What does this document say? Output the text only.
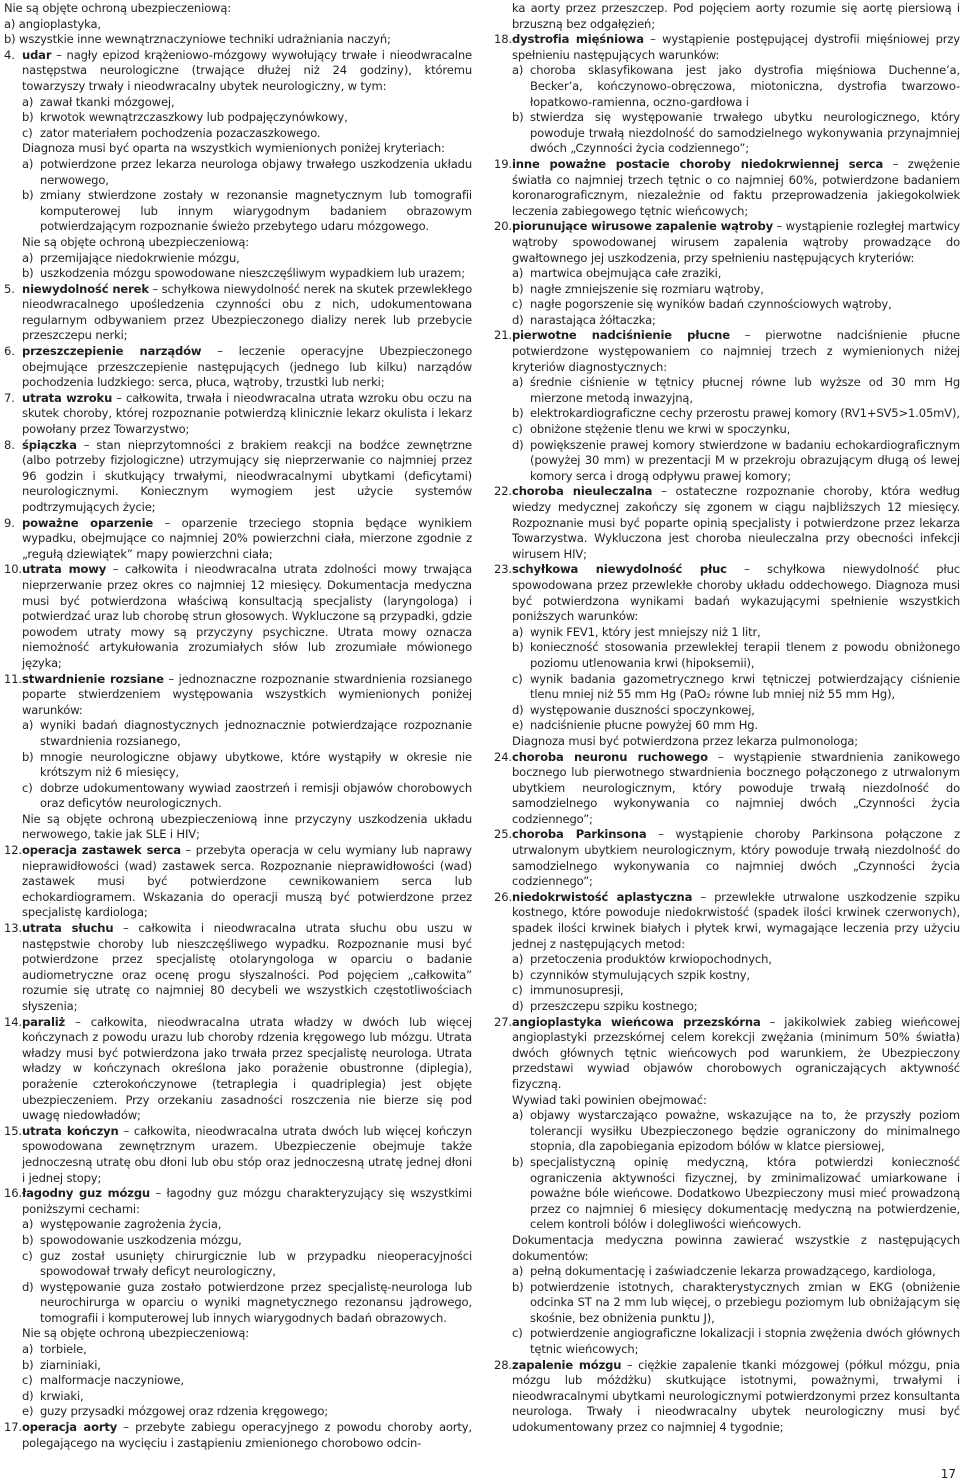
Nie są objęte ochroną ubezpieczeniową:

a) angioplastyka,

b) wszystkie inne wewnątrznaczyniowe techniki udrażniania naczyń;

4. udar – nagły epizod krążeniowo-mózgowy wywołujący trwałe i nieodwracalne następstwa neurologiczne (trwające dłużej niż 24 godziny), któremu towarzyszy trwały i nieodwracalny ubytek neurologiczny, w tym:
a) zawał tkanki mózgowej,
b) krwotok wewnątrzczaszkowy lub podpajęczynówkowy,
c) zator materiałem pochodzenia pozaczaszkowego.

Diagnoza musi być oparta na wszystkich wymienionych poniżej kryteriach:

a) potwierdzone przez lekarza neurologa objawy trwałego uszkodzenia układu nerwowego,
b) zmiany stwierdzone zostały w rezonansie magnetycznym lub tomografii komputerowej lub innym wiarygodnym badaniem obrazowym potwierdzającym rozpoznanie świeżo przebytego udaru mózgowego.

Nie są objęte ochroną ubezpieczeniową:

a) przemijające niedokrwienie mózgu,
b) uszkodzenia mózgu spowodowane nieszczęśliwym wypadkiem lub urazem;
5. niewydolność nerek – schyłkowa niewydolność nerek na skutek przewlekłego nieodwracalnego upośledzenia czynności obu z nich, udokumentowana regularnym odbywaniem przez Ubezpieczonego dializy nerek lub przebycie przeszczepu nerki;
6. przeszczepienie narządów – leczenie operacyjne Ubezpieczonego obejmujące przeszczepienie następujących (jednego lub kilku) narządów pochodzenia ludzkiego: serca, płuca, wątroby, trzustki lub nerki;
7. utrata wzroku – całkowita, trwała i nieodwracalna utrata wzroku obu oczu na skutek choroby, której rozpoznanie potwierdzą klinicznie lekarz okulista i lekarz powołany przez Towarzystwo;
8. śpiączka – stan nieprzytomności z brakiem reakcji na bodźce zewnętrzne (albo potrzeby fizjologiczne) utrzymujący się nieprzerwanie co najmniej przez 96 godzin i skutkujący trwałymi, nieodwracalnymi ubytkami (deficytami) neurologicznymi. Koniecznym wymogiem jest użycie systemów podtrzymujących życie;
9. poważne oparzenie – oparzenie trzeciego stopnia będące wynikiem wypadku, obejmujące co najmniej 20% powierzchni ciała, mierzone zgodnie z „regułą dziewiątek” mapy powierzchni ciała;
10. utrata mowy – całkowita i nieodwracalna utrata zdolności mowy trwająca nieprzerwanie przez okres co najmniej 12 miesięcy. Dokumentacja medyczna musi być potwierdzona właściwą konsultacją specjalisty (laryngologa) i potwierdzać uraz lub chorobę strun głosowych. Wykluczone są przypadki, gdzie powodem utraty mowy są przyczyny psychiczne. Utrata mowy oznacza niemożność artykułowania zrozumiałych słów lub zrozumiałe mówionego języka;
11. stwardnienie rozsiane – jednoznaczne rozpoznanie stwardnienia rozsianego poparte stwierdzeniem występowania wszystkich wymienionych poniżej warunków:
a) wyniki badań diagnostycznych jednoznacznie potwierdzające rozpoznanie stwardnienia rozsianego,
b) mnogie neurologiczne objawy ubytkowe, które wystąpiły w okresie nie krótszym niż 6 miesięcy,
c) dobrze udokumentowany wywiad zaostrzeń i remisji objawów chorobowych oraz deficytów neurologicznych.

Nie są objęte ochroną ubezpieczeniową inne przyczyny uszkodzenia układu nerwowego, takie jak SLE i HIV;

12. operacja zastawek serca – przebyta operacja w celu wymiany lub naprawy nieprawidłowości (wad) zastawek serca. Rozpoznanie nieprawidłowości (wad) zastawek musi być potwierdzone cewnikowaniem serca lub echokardiogramem. Wskazania do operacji muszą być potwierdzone przez specjalistę kardiologa;
13. utrata słuchu – całkowita i nieodwracalna utrata słuchu obu uszu w następstwie choroby lub nieszczęśliwego wypadku. Rozpoznanie musi być potwierdzone przez specjalistę otolaryngologa w oparciu o badanie audiometryczne oraz ocenę progu słyszalności. Pod pojęciem „całkowita” rozumie się utratę co najmniej 80 decybeli we wszystkich częstotliwościach słyszenia;
14. paraliż – całkowita, nieodwracalna utrata władzy w dwóch lub więcej kończynach z powodu urazu lub choroby rdzenia kręgowego lub mózgu. Utrata władzy musi być potwierdzona jako trwała przez specjalistę neurologa. Utrata władzy w kończynach określona jako porażenie obustronne (diplegia), porażenie czterokończynowe (tetraplegia i quadriplegia) jest objęte ubezpieczeniem. Przy orzekaniu zasadności roszczenia nie bierze się pod uwagę niedowładów;
15. utrata kończyn – całkowita, nieodwracalna utrata dwóch lub więcej kończyn spowodowana zewnętrznym urazem. Ubezpieczenie obejmuje także jednoczesną utratę obu dłoni lub obu stóp oraz jednoczesną utratę jednej dłoni i jednej stopy;
16. łagodny guz mózgu – łagodny guz mózgu charakteryzujący się wszystkimi poniższymi cechami:
a) występowanie zagrożenia życia,
b) spowodowanie uszkodzenia mózgu,
c) guz został usunięty chirurgicznie lub w przypadku nieoperacyjności spowodował trwały deficyt neurologiczny,
d) występowanie guza zostało potwierdzone przez specjalistę-neurologa lub neurochirurga w oparciu o wyniki magnetycznego rezonansu jądrowego, tomografii i komputerowej lub innych wiarygodnych badań obrazowych.

Nie są objęte ochroną ubezpieczeniową:

a) torbiele,
b) ziarniniaki,
c) malformacje naczyniowe,
d) krwiaki,
e) guzy przysadki mózgowej oraz rdzenia kręgowego;
17. operacja aorty – przebyte zabiegu operacyjnego z powodu choroby aorty, polegającego na wycięciu i zastąpieniu zmienionego chorobowo odcin-
ka aorty przez przeszczep. Pod pojęciem aorty rozumie się aortę piersiową i brzuszną bez odgałęzień;
18. dystrofia mięśniowa – wystąpienie postępującej dystrofii mięśniowej przy spełnieniu następujących warunków:
a) choroba sklasyfikowana jest jako dystrofia mięśniowa Duchenne’a, Becker’a, kończynowo-obręczowa, miotoniczna, dystrofia twarzowo-łopatkowo-ramienna, oczno-gardłowa i
b) stwierdza się występowanie trwałego ubytku neurologicznego, który powoduje trwałą niezdolność do samodzielnego wykonywania przynajmniej dwóch „Czynności życia codziennego”;
19. inne poważne postacie choroby niedokrwiennej serca – zwężenie światła co najmniej trzech tętnic o co najmniej 60%, potwierdzone badaniem koronarograficznym, niezależnie od faktu przeprowadzenia jakiegokolwiek leczenia zabiegowego tętnic wieńcowych;
20. piorunujące wirusowe zapalenie wątroby – wystąpienie rozległej martwicy wątroby spowodowanej wirusem zapalenia wątroby prowadzące do gwałtownego jej uszkodzenia, przy spełnieniu następujących kryteriów:
a) martwica obejmująca całe zraziki,
b) nagłe zmniejszenie się rozmiaru wątroby,
c) nagłe pogorszenie się wyników badań czynnościowych wątroby,
d) narastająca żółtaczka;
21. pierwotne nadciśnienie płucne – pierwotne nadciśnienie płucne potwierdzone występowaniem co najmniej trzech z wymienionych niżej kryteriów diagnostycznych:
a) średnie ciśnienie w tętnicy płucnej równe lub wyższe od 30 mm Hg mierzone metodą inwazyjną,
b) elektrokardiograficzne cechy przerostu prawej komory (RV1+SV5>1.05mV),
c) obniżone stężenie tlenu we krwi w spoczynku,
d) powiększenie prawej komory stwierdzone w badaniu echokardiograficznym (powyżej 30 mm) w prezentacji M w przekroju obrazującym długą oś lewej komory serca i drogą odpływu prawej komory;
22. choroba nieuleczalna – ostateczne rozpoznanie choroby, która według wiedzy medycznej zakończy się zgonem w ciągu najbliższych 12 miesięcy. Rozpoznanie musi być poparte opinią specjalisty i potwierdzone przez lekarza Towarzystwa. Wykluczona jest choroba nieuleczalna przy obecności infekcji wirusem HIV;
23. schyłkowa niewydolność płuc – schyłkowa niewydolność płuc spowodowana przez przewlekłe choroby układu oddechowego. Diagnoza musi być potwierdzona wynikami badań wykazującymi spełnienie wszystkich poniższych warunków:
a) wynik FEV1, który jest mniejszy niż 1 litr,
b) konieczność stosowania przewlekłej terapii tlenem z powodu obniżonego poziomu utlenowania krwi (hipoksemii),
c) wynik badania gazometrycznego krwi tętniczej potwierdzający ciśnienie tlenu mniej niż 55 mm Hg (PaO₂ równe lub mniej niż 55 mm Hg),
d) występowanie duszności spoczynkowej,
e) nadciśnienie płucne powyżej 60 mm Hg.

Diagnoza musi być potwierdzona przez lekarza pulmonologa;

24. choroba neuronu ruchowego – wystąpienie stwardnienia zanikowego bocznego lub pierwotnego stwardnienia bocznego połączonego z utrwalonym ubytkiem neurologicznym, który powoduje trwałą niezdolność do samodzielnego wykonywania co najmniej dwóch „Czynności życia codziennego”;
25. choroba Parkinsona – wystąpienie choroby Parkinsona połączone z utrwalonym ubytkiem neurologicznym, który powoduje trwałą niezdolność do samodzielnego wykonywania co najmniej dwóch „Czynności życia codziennego”;
26. niedokrwistość aplastyczna – przewlekłe utrwalone uszkodzenie szpiku kostnego, które powoduje niedokrwistość (spadek ilości krwinek czerwonych), spadek ilości krwinek białych i płytek krwi, wymagające leczenia przy użyciu jednej z następujących metod:
a) przetoczenia produktów krwiopochodnych,
b) czynników stymulujących szpik kostny,
c) immunosupresji,
d) przeszczepu szpiku kostnego;
27. angioplastyka wieńcowa przezskórna – jakikolwiek zabieg wieńcowej angioplastyki przezskórnej celem korekcji zwężania (minimum 50% światła) dwóch głównych tętnic wieńcowych pod warunkiem, że Ubezpieczony przedstawi wywiad objawów chorobowych ograniczających aktywność fizyczną.

Wywiad taki powinien obejmować:

a) objawy wystarczająco poważne, wskazujące na to, że przyszły poziom tolerancji wysiłku Ubezpieczonego będzie ograniczony do minimalnego stopnia, dla zapobiegania epizodom bólów w klatce piersiowej,
b) specjalistyczną opinię medyczną, która potwierdzi konieczność ograniczenia aktywności fizycznej, by zminimalizować umiarkowane i poważne bóle wieńcowe. Dodatkowo Ubezpieczony musi mieć prowadzoną przez co najmniej 6 miesięcy dokumentację medyczną na potwierdzenie, celem kontroli bólów i dolegliwości wieńcowych.

Dokumentacja medyczna powinna zawierać wszystkie z następujących dokumentów:

a) pełną dokumentację i zaświadczenie lekarza prowadzącego, kardiologa,
b) potwierdzenie istotnych, charakterystycznych zmian w EKG (obniżenie odcinka ST na 2 mm lub więcej, o przebiegu poziomym lub obniżającym się skośnie, bez obniżenia punktu J),
c) potwierdzenie angiograficzne lokalizacji i stopnia zwężenia dwóch głównych tętnic wieńcowych;
28. zapalenie mózgu – ciężkie zapalenie tkanki mózgowej (półkul mózgu, pnia mózgu lub móżdżku) skutkujące istotnymi, poważnymi, trwałymi i nieodwracalnymi ubytkami neurologicznymi potwierdzonymi przez konsultanta neurologa. Trwały i nieodwracalny ubytek neurologiczny musi być udokumentowany przez co najmniej 4 tygodnie;
17
